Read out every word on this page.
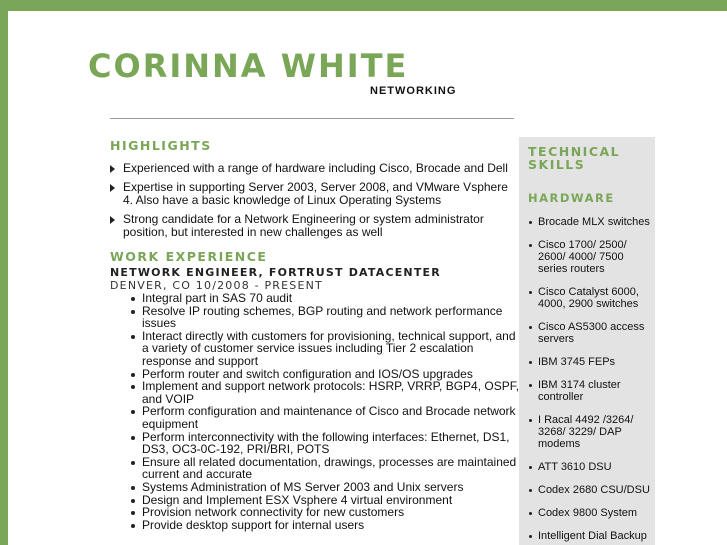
CORINNA WHITE
NETWORKING
HIGHLIGHTS
Experienced with a range of hardware including Cisco, Brocade and Dell
Expertise in supporting Server 2003, Server 2008, and VMware Vsphere 4. Also have a basic knowledge of Linux Operating Systems
Strong candidate for a Network Engineering or system administrator position, but interested in new challenges as well
WORK EXPERIENCE
NETWORK ENGINEER, FORTRUST DATACENTER
DENVER, CO 10/2008 - PRESENT
Integral part in SAS 70 audit
Resolve IP routing schemes, BGP routing and network performance issues
Interact directly with customers for provisioning, technical support, and a variety of customer service issues including Tier 2 escalation response and support
Perform router and switch configuration and IOS/OS upgrades
Implement and support network protocols: HSRP, VRRP, BGP4, OSPF, and VOIP
Perform configuration and maintenance of Cisco and Brocade network equipment
Perform interconnectivity with the following interfaces: Ethernet, DS1, DS3, OC3-0C-192, PRI/BRI, POTS
Ensure all related documentation, drawings, processes are maintained current and accurate
Systems Administration of MS Server 2003 and Unix servers
Design and Implement ESX Vsphere 4 virtual environment
Provision network connectivity for new customers
Provide desktop support for internal users
TECHNICAL
SKILLS
HARDWARE
Brocade MLX switches
Cisco 1700/ 2500/ 2600/ 4000/ 7500 series routers
Cisco Catalyst 6000, 4000, 2900 switches
Cisco AS5300 access servers
IBM 3745 FEPs
IBM 3174 cluster controller
I Racal 4492 /3264/ 3268/ 3229/ DAP modems
ATT 3610 DSU
Codex 2680 CSU/DSU
Codex 9800 System
Intelligent Dial Backup
